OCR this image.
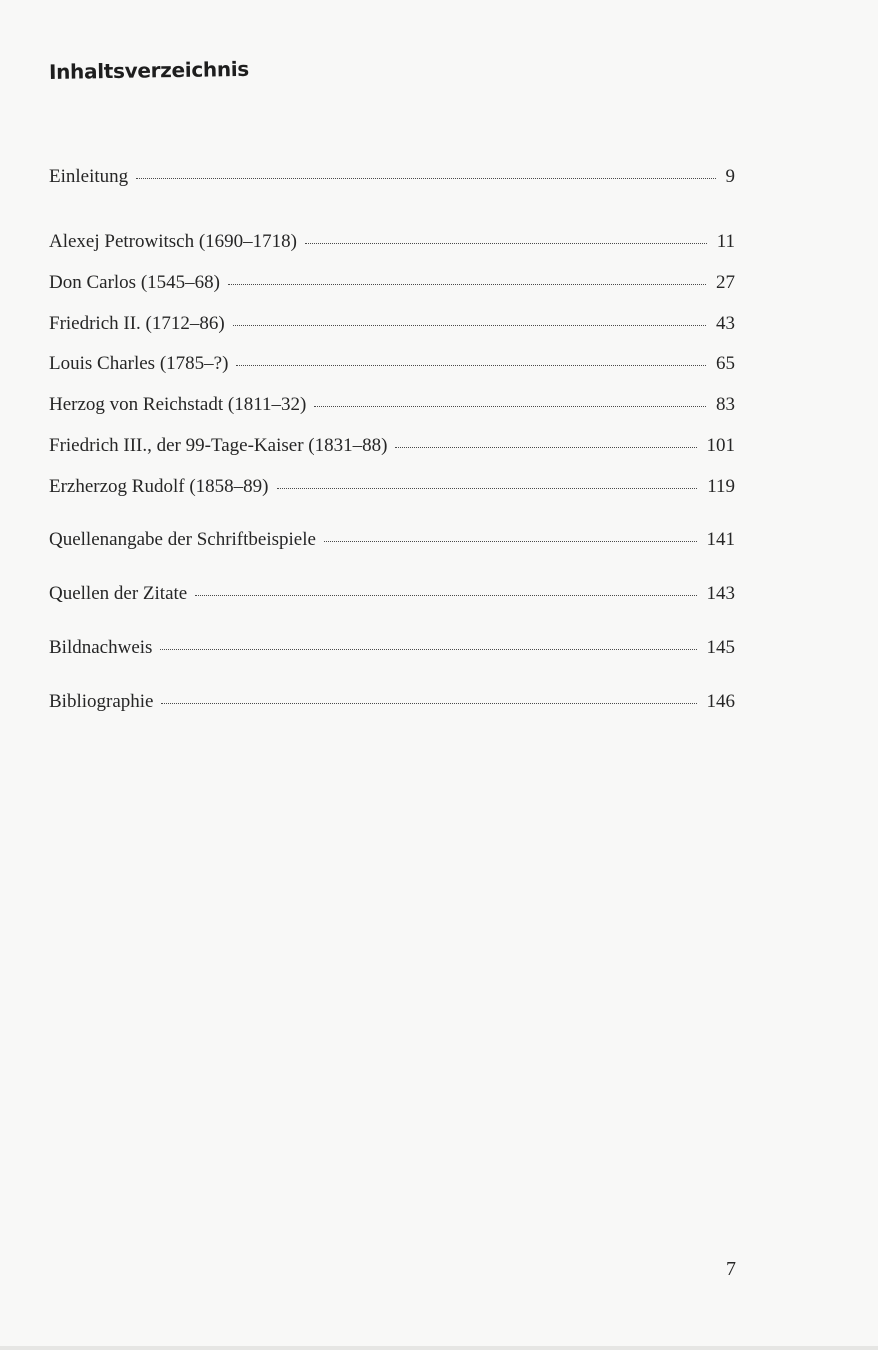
Inhaltsverzeichnis
Einleitung	9
Alexej Petrowitsch (1690–1718)	11
Don Carlos (1545–68)	27
Friedrich II. (1712–86)	43
Louis Charles (1785–?)	65
Herzog von Reichstadt (1811–32)	83
Friedrich III., der 99-Tage-Kaiser (1831–88)	101
Erzherzog Rudolf (1858–89)	119
Quellenangabe der Schriftbeispiele	141
Quellen der Zitate	143
Bildnachweis	145
Bibliographie	146
7
